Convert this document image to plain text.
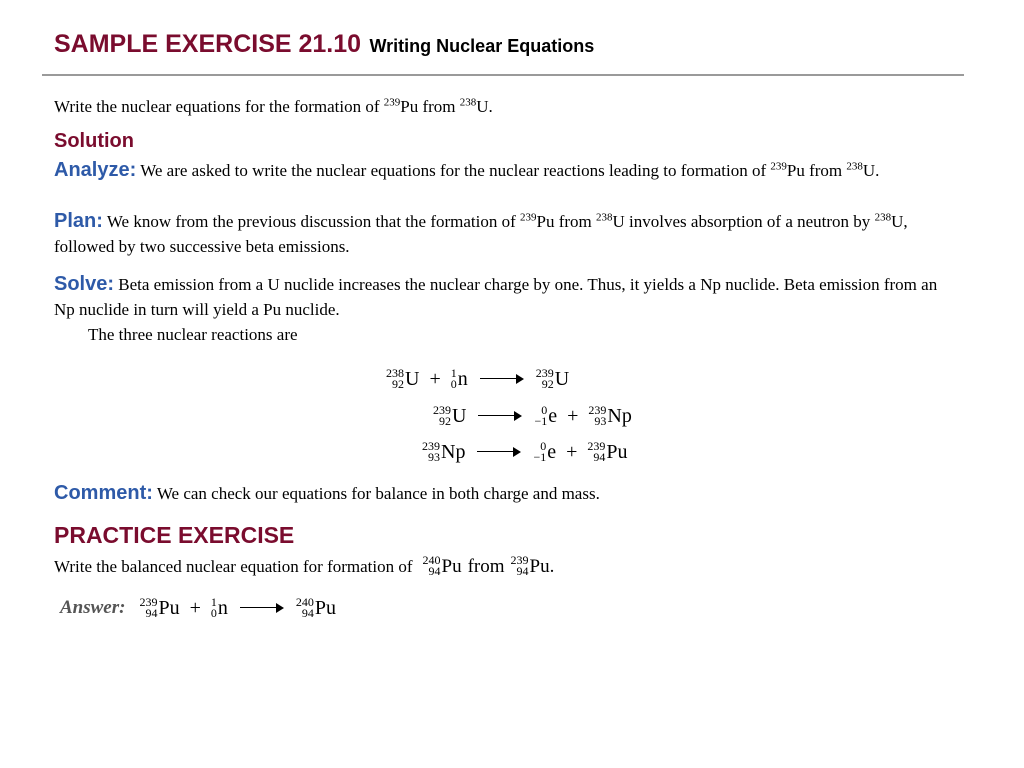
SAMPLE EXERCISE 21.10 Writing Nuclear Equations
Write the nuclear equations for the formation of $^{239}$Pu from $^{238}$U.
Solution
Analyze: We are asked to write the nuclear equations for the nuclear reactions leading to formation of $^{239}$Pu from $^{238}$U.
Plan: We know from the previous discussion that the formation of $^{239}$Pu from $^{238}$U involves absorption of a neutron by $^{238}$U, followed by two successive beta emissions.
Solve: Beta emission from a U nuclide increases the nuclear charge by one. Thus, it yields a Np nuclide. Beta emission from an Np nuclide in turn will yield a Pu nuclide.
The three nuclear reactions are
238
92 U + 1
0 n	239
92 U
239
92 U	0
−1 e + 239
93 Np
239
93 Np	0
−1 e + 239
94 Pu
Comment: We can check our equations for balance in both charge and mass.
PRACTICE EXERCISE
Write the balanced nuclear equation for formation of 240
94 Pu from 239
94 Pu.
Answer: 239
94 Pu + 1
0 n	240
94 Pu
